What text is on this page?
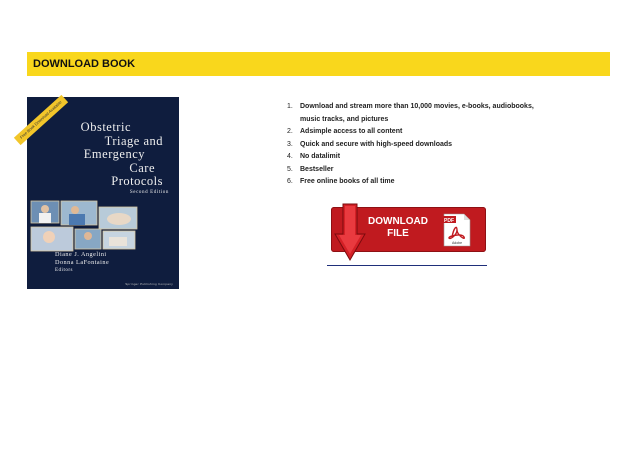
DOWNLOAD BOOK
Free Book Download Available	Obstetric
Triage and
Emergency
Care
Protocols
Second Edition
Diane J. Angelini
Donna LaFontaine
Editors
Springer Publishing Company
1.	Download and stream more than 10,000 movies, e-books, audiobooks, music tracks, and pictures
2.	Adsimple access to all content
3.	Quick and secure with high-speed downloads
4.	No datalimit
5.	Bestseller
6.	Free online books of all time
DOWNLOAD
FILE
PDF
Adobe
